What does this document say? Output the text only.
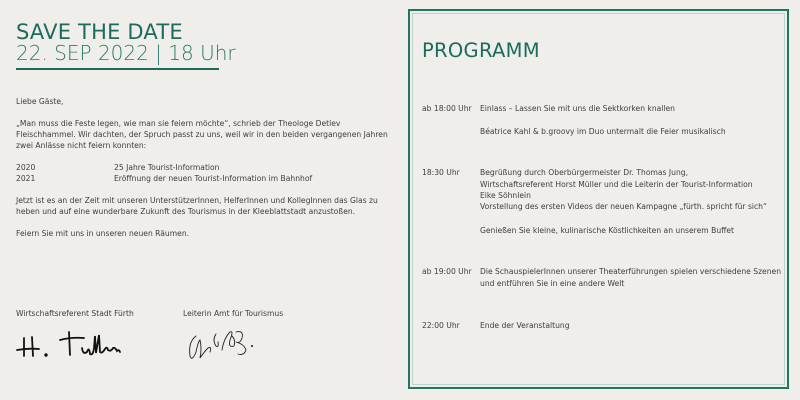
SAVE THE DATE
22. SEP 2022 | 18 Uhr

Liebe Gäste,

„Man muss die Feste legen, wie man sie feiern möchte“, schrieb der Theologe Detlev Fleischhammel. Wir dachten, der Spruch passt zu uns, weil wir in den beiden vergangenen Jahren zwei Anlässe nicht feiern konnten:

2020	25 Jahre Tourist-Information
2021	Eröffnung der neuen Tourist-Information im Bahnhof

Jetzt ist es an der Zeit mit unseren UnterstützerInnen, HelferInnen und KollegInnen das Glas zu heben und auf eine wunderbare Zukunft des Tourismus in der Kleeblattstadt anzustoßen.

Feiern Sie mit uns in unseren neuen Räumen.

Wirtschaftsreferent Stadt Fürth	Leiterin Amt für Tourismus
PROGRAMM
ab 18:00 Uhr	Einlass – Lassen Sie mit uns die Sektkorken knallen
Béatrice Kahl & b.groovy im Duo untermalt die Feier musikalisch
18:30 Uhr	Begrüßung durch Oberbürgermeister Dr. Thomas Jung, Wirtschaftsreferent Horst Müller und die Leiterin der Tourist-Information Eike Söhnlein
Vorstellung des ersten Videos der neuen Kampagne „fürth. spricht für sich“
Genießen Sie kleine, kulinarische Köstlichkeiten an unserem Buffet
ab 19:00 Uhr	Die SchauspielerInnen unserer Theaterführungen spielen verschiedene Szenen und entführen Sie in eine andere Welt
22:00 Uhr	Ende der Veranstaltung
